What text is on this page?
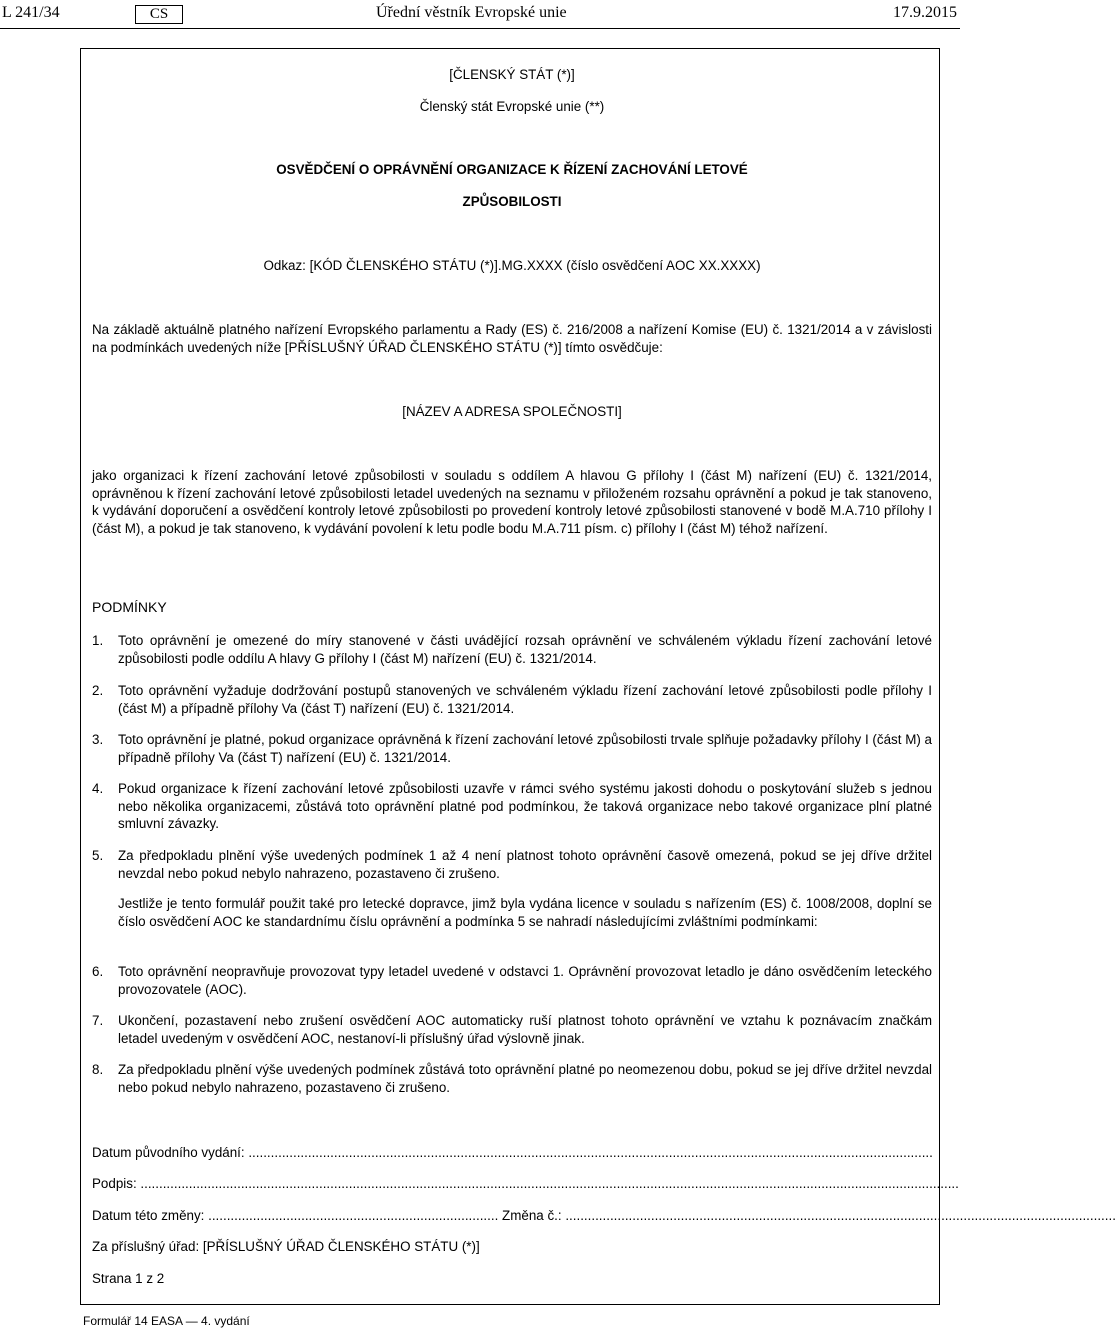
L 241/34	CS	Úřední věstník Evropské unie	17.9.2015
[ČLENSKÝ STÁT (*)]
Členský stát Evropské unie (**)
OSVĚDČENÍ O OPRÁVNĚNÍ ORGANIZACE K ŘÍZENÍ ZACHOVÁNÍ LETOVÉ
ZPŮSOBILOSTI
Odkaz: [KÓD ČLENSKÉHO STÁTU (*)].MG.XXXX (číslo osvědčení AOC XX.XXXX)
Na základě aktuálně platného nařízení Evropského parlamentu a Rady (ES) č. 216/2008 a nařízení Komise (EU) č. 1321/2014 a v závislosti na podmínkách uvedených níže [PŘÍSLUŠNÝ ÚŘAD ČLENSKÉHO STÁTU (*)] tímto osvědčuje:
[NÁZEV A ADRESA SPOLEČNOSTI]
jako organizaci k řízení zachování letové způsobilosti v souladu s oddílem A hlavou G přílohy I (část M) nařízení (EU) č. 1321/2014, oprávněnou k řízení zachování letové způsobilosti letadel uvedených na seznamu v přiloženém rozsahu oprávnění a pokud je tak stanoveno, k vydávání doporučení a osvědčení kontroly letové způsobilosti po provedení kontroly letové způsobilosti stanovené v bodě M.A.710 přílohy I (část M), a pokud je tak stanoveno, k vydávání povolení k letu podle bodu M.A.711 písm. c) přílohy I (část M) téhož nařízení.
PODMÍNKY
1. Toto oprávnění je omezené do míry stanovené v části uvádějící rozsah oprávnění ve schváleném výkladu řízení zachování letové způsobilosti podle oddílu A hlavy G přílohy I (část M) nařízení (EU) č. 1321/2014.
2. Toto oprávnění vyžaduje dodržování postupů stanovených ve schváleném výkladu řízení zachování letové způsobilosti podle přílohy I (část M) a případně přílohy Va (část T) nařízení (EU) č. 1321/2014.
3. Toto oprávnění je platné, pokud organizace oprávněná k řízení zachování letové způsobilosti trvale splňuje požadavky přílohy I (část M) a případně přílohy Va (část T) nařízení (EU) č. 1321/2014.
4. Pokud organizace k řízení zachování letové způsobilosti uzavře v rámci svého systému jakosti dohodu o poskytování služeb s jednou nebo několika organizacemi, zůstává toto oprávnění platné pod podmínkou, že taková organizace nebo takové organizace plní platné smluvní závazky.
5. Za předpokladu plnění výše uvedených podmínek 1 až 4 není platnost tohoto oprávnění časově omezená, pokud se jej dříve držitel nevzdal nebo pokud nebylo nahrazeno, pozastaveno či zrušeno.
Jestliže je tento formulář použit také pro letecké dopravce, jimž byla vydána licence v souladu s nařízením (ES) č. 1008/2008, doplní se číslo osvědčení AOC ke standardnímu číslu oprávnění a podmínka 5 se nahradí následujícími zvláštními podmínkami:
6. Toto oprávnění neopravňuje provozovat typy letadel uvedené v odstavci 1. Oprávnění provozovat letadlo je dáno osvědčením leteckého provozovatele (AOC).
7. Ukončení, pozastavení nebo zrušení osvědčení AOC automaticky ruší platnost tohoto oprávnění ve vztahu k poznávacím značkám letadel uvedeným v osvědčení AOC, nestanoví-li příslušný úřad výslovně jinak.
8. Za předpokladu plnění výše uvedených podmínek zůstává toto oprávnění platné po neomezenou dobu, pokud se jej dříve držitel nevzdal nebo pokud nebylo nahrazeno, pozastaveno či zrušeno.
Datum původního vydání: ........................................................................................................................................................................................
Podpis: ............................................................................................................................................................................................................................
Datum této změny: .............................................................................. Změna č.: ....................................................................................................................................................
Za příslušný úřad: [PŘÍSLUŠNÝ ÚŘAD ČLENSKÉHO STÁTU (*)]
Strana 1 z 2
Formulář 14 EASA — 4. vydání
